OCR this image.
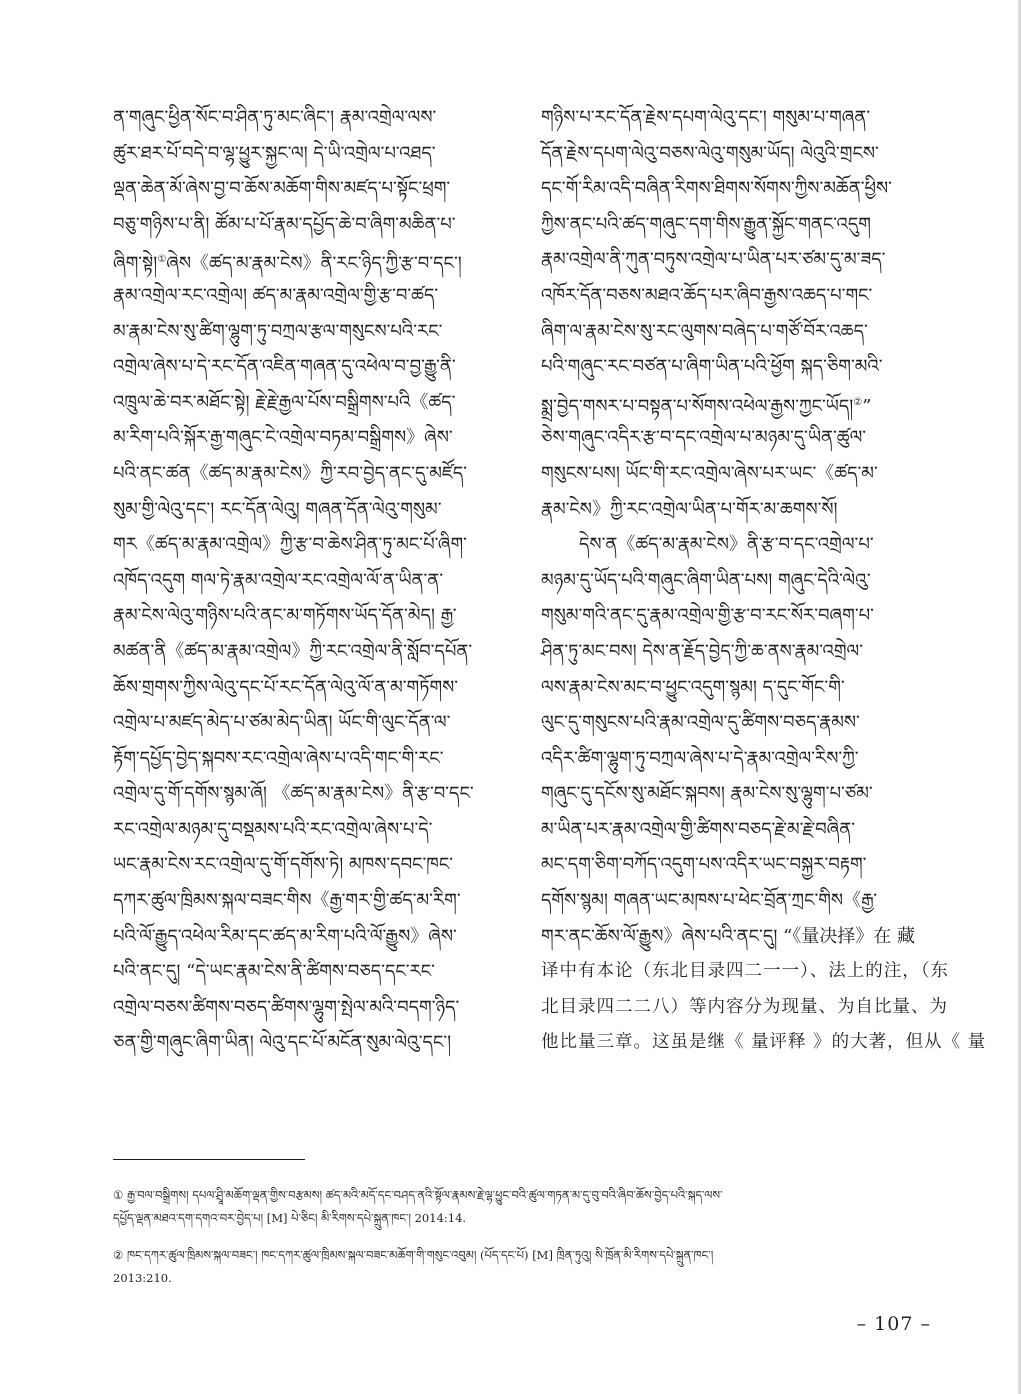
ན་གཞུང་ཕྱིན་སོང་བ་ཤིན་ཏུ་མང་ཞིང་། རྣམ་འགྲེལ་ལས་
ཚུར་ཐར་པོ་བདེ་བ་ལྷ་ཕྱུར་སྐྱང་ལ། དེ་ཡི་འགྲེལ་པ་འཐད་
ལྡན་ཆེན་མོ་ཞེས་བྱ་བ་ཆོས་མཆོག་གིས་མཛད་པ་སྟོང་ཕྲག་
བཅུ་གཉིས་པ་ནི། ཚོམ་པ་པོ་རྣམ་དཔྱོད་ཆེ་བ་ཞིག་མཆིན་པ་
ཞིག་སྟེ།①ཞེས《ཚད་མ་རྣམ་ངེས》ནི་རང་ཉིད་ཀྱི་རྩ་བ་དང་།
རྣམ་འགྲེལ་རང་འགྲེལ། ཚད་མ་རྣམ་འགྲེལ་གྱི་རྩ་བ་ཚད་
མ་རྣམ་ངེས་སུ་ཚིག་ལྷུག་ཏུ་བཀྲལ་རྩལ་གསུངས་པའི་རང་
འགྲེལ་ཞེས་པ་དེ་རང་དོན་འཇིན་གཞན་དུ་འཕེལ་བ་བྱ་རྒྱུ་ནི་
འཁྲུལ་ཆེ་བར་མཐོང་སྟེ། རྗེ་རྗེ་རྒྱལ་པོས་བསྒྲིགས་པའི《ཚད་
མ་རིག་པའི་སྐོར་རྒྱ་གཞུང་ངེ་འགྲེལ་བཏམ་བསྒྲིགས》ཞེས་
པའི་ནང་ཚན《ཚད་མ་རྣམ་ངེས》ཀྱི་རབ་བྱེད་ནང་དུ་མཛོད་
སུམ་གྱི་ལེའུ་དང་། རང་དོན་ལེའུ། གཞན་དོན་ལེའུ་གསུམ་
གར《ཚད་མ་རྣམ་འགྲེལ》ཀྱི་རྩ་བ་ཆེས་ཤིན་ཏུ་མང་པོ་ཞིག་
འཁོད་འདུག གལ་ཏེ་རྣམ་འགྲེལ་རང་འགྲེལ་ལོ་ན་ཡིན་ན་
རྣམ་ངེས་ལེའུ་གཉིས་པའི་ནང་མ་གཏོགས་ཡོད་དོན་མེད། རྒྱ་
མཚན་ནི《ཚད་མ་རྣམ་འགྲེལ》ཀྱི་རང་འགྲེལ་ནི་སློབ་དཔོན་
ཆོས་གྲགས་ཀྱིས་ལེའུ་དང་པོ་རང་དོན་ལེའུ་ལོ་ན་མ་གཏོགས་
འགྲེལ་པ་མཛད་མེད་པ་ཙམ་མེད་ཡིན། ཡོང་གི་ལུང་དོན་ལ་
རྟོག་དཔྱོད་བྱེད་སྐབས་རང་འགྲེལ་ཞེས་པ་འདི་གང་གི་རང་
འགྲེལ་དུ་གོ་དགོས་སྙམ་ཞོ། 《ཚད་མ་རྣམ་ངེས》ནི་རྩ་བ་དང་
རང་འགྲེལ་མཉམ་དུ་བསྡམས་པའི་རང་འགྲེལ་ཞེས་པ་དེ་
ཡང་རྣམ་ངེས་རང་འགྲེལ་དུ་གོ་དགོས་ཏེ། མཁས་དབང་ཁང་
དཀར་ཚུལ་ཁྲིམས་སྐལ་བཟང་གིས《རྒྱ་གར་གྱི་ཚད་མ་རིག་
པའི་ལོ་རྒྱུད་འཕེལ་རིམ་དང་ཚད་མ་རིག་པའི་ལོ་རྒྱུས》ཞེས་
པའི་ནང་དུ། “དེ་ཡང་རྣམ་ངེས་ནི་ཚིགས་བཅད་དང་རང་
འགྲེལ་བཅས་ཚིགས་བཅད་ཚིགས་ལྷུག་སྤེལ་མའི་བདག་ཉིད་
ཅན་གྱི་གཞུང་ཞིག་ཡིན། ལེའུ་དང་པོ་མངོན་སུམ་ལེའུ་དང་།
གཉིས་པ་རང་དོན་རྗེས་དཔག་ལེའུ་དང་། གསུམ་པ་གཞན་
དོན་རྗེས་དཔག་ལེའུ་བཅས་ལེའུ་གསུམ་ཡོད། ལེའུའི་གྲངས་
དང་གོ་རིམ་འདི་བཞིན་རིགས་ཐིགས་སོགས་ཀྱིས་མཆོན་ཕྱིས་
ཀྱིས་ནང་པའི་ཚད་གཞུང་དག་གིས་རྒྱུན་སྐྱོང་གནང་འདུག
རྣམ་འགྲེལ་ནི་ཀུན་བཏུས་འགྲེལ་པ་ཡིན་པར་ཙམ་དུ་མ་ཟད་
འཁོར་དོན་བཅས་མཐའ་ཆོད་པར་ཞིབ་རྒྱས་འཆད་པ་གང་
ཞིག་ལ་རྣམ་ངེས་སུ་རང་ལུགས་བཞེད་པ་གཙོ་བོར་འཆད་
པའི་གཞུང་རང་བཙན་པ་ཞིག་ཡིན་པའི་ཕྱོག སྐད་ཅིག་མའི་
སྨྲ་བྱེད་གསར་པ་བསྟན་པ་སོགས་འཕེལ་རྒྱས་ཀྱང་ཡོད།②”
ཅེས་གཞུང་འདིར་རྩ་བ་དང་འགྲེལ་པ་མཉམ་དུ་ཡིན་ཚུལ་
གསུངས་པས། ཡོང་གི་རང་འགྲེལ་ཞེས་པར་ཡང་《ཚད་མ་
རྣམ་ངེས》ཀྱི་རང་འགྲེལ་ཡིན་པ་གོར་མ་ཆགས་སོ།
དེས་ན《ཚད་མ་རྣམ་ངེས》ནི་རྩ་བ་དང་འགྲེལ་པ་
མཉམ་དུ་ཡོད་པའི་གཞུང་ཞིག་ཡིན་པས། གཞུང་དེའི་ལེའུ་
གསུམ་གའི་ནང་དུ་རྣམ་འགྲེལ་གྱི་རྩ་བ་རང་སོར་བཞག་པ་
ཤིན་ཏུ་མང་བས། དེས་ན་རྗོད་བྱེད་ཀྱི་ཆ་ནས་རྣམ་འགྲེལ་
ལས་རྣམ་ངེས་མང་བ་ཕྱུང་འདུག་སྙམ། ད་དུང་གོང་གི་
ལུང་དུ་གསུངས་པའི་རྣམ་འགྲེལ་དུ་ཚིགས་བཅད་རྣམས་
འདིར་ཚིག་ལྷུག་ཏུ་བཀྲལ་ཞེས་པ་དེ་རྣམ་འགྲེལ་རིས་ཀྱི་
གཞུང་དུ་དངོས་སུ་མཐོང་སྐབས། རྣམ་ངེས་སུ་ལྷུག་པ་ཙམ་
མ་ཡིན་པར་རྣམ་འགྲེལ་གྱི་ཚིགས་བཅད་རྗེ་མ་རྗེ་བཞིན་
མང་དག་ཅིག་བཀོད་འདུག་པས་འདིར་ཡང་བསྐྱར་བརྟག་
དགོས་སྙམ། གཞན་ཡང་མཁས་པ་ཕེང་བྲོན་ཀྲང་གིས《རྒྱ་
གར་ནང་ཆོས་ལོ་རྒྱུས》ཞེས་པའི་ནང་དུ། “《量决择》在 藏
译中有本论（东北目录四二一一）、法上的注，（东
北目录四二二八）等内容分为现量、为自比量、为
他比量三章。这虽是继《 量评释 》的大著，但从《 量
① རྒྱ་བལ་བསྒྲིགས། དཔལ་ཤྲཱི་མཆོག་ལྡན་གྱིས་བརྩམས། ཚད་མའི་མདོ་དང་བཤད་ནའི་སྟོལ་རྣམས་རྗེ་ལྷ་ཕྱུང་བའི་ཚུལ་གཏན་མ་དུ་བུ་བའི་ཞིབ་ཆོས་བྱེད་པའི་སྐད་ལས་
དཔྱོད་ལྡན་མཐའ་དག་དགའ་བར་བྱེད་པ། [M] པེ་ཅིང། མི་རིགས་དཔེ་སྐྲུན་ཁང་། 2014:14.
② ཁང་དཀར་ཚུལ་ཁྲིམས་སྐལ་བཟང་། ཁང་དཀར་ཚུལ་ཁྲིམས་སྐལ་བཟང་མཆོག་གི་གསུང་འབུམ། (པོད་དང་པོ) [M] ཁྲིན་ཏུའུ། སི་ཁྲོན་མི་རིགས་དཔེ་སྐྲུན་ཁང་།
2013:210.
– 107 –
